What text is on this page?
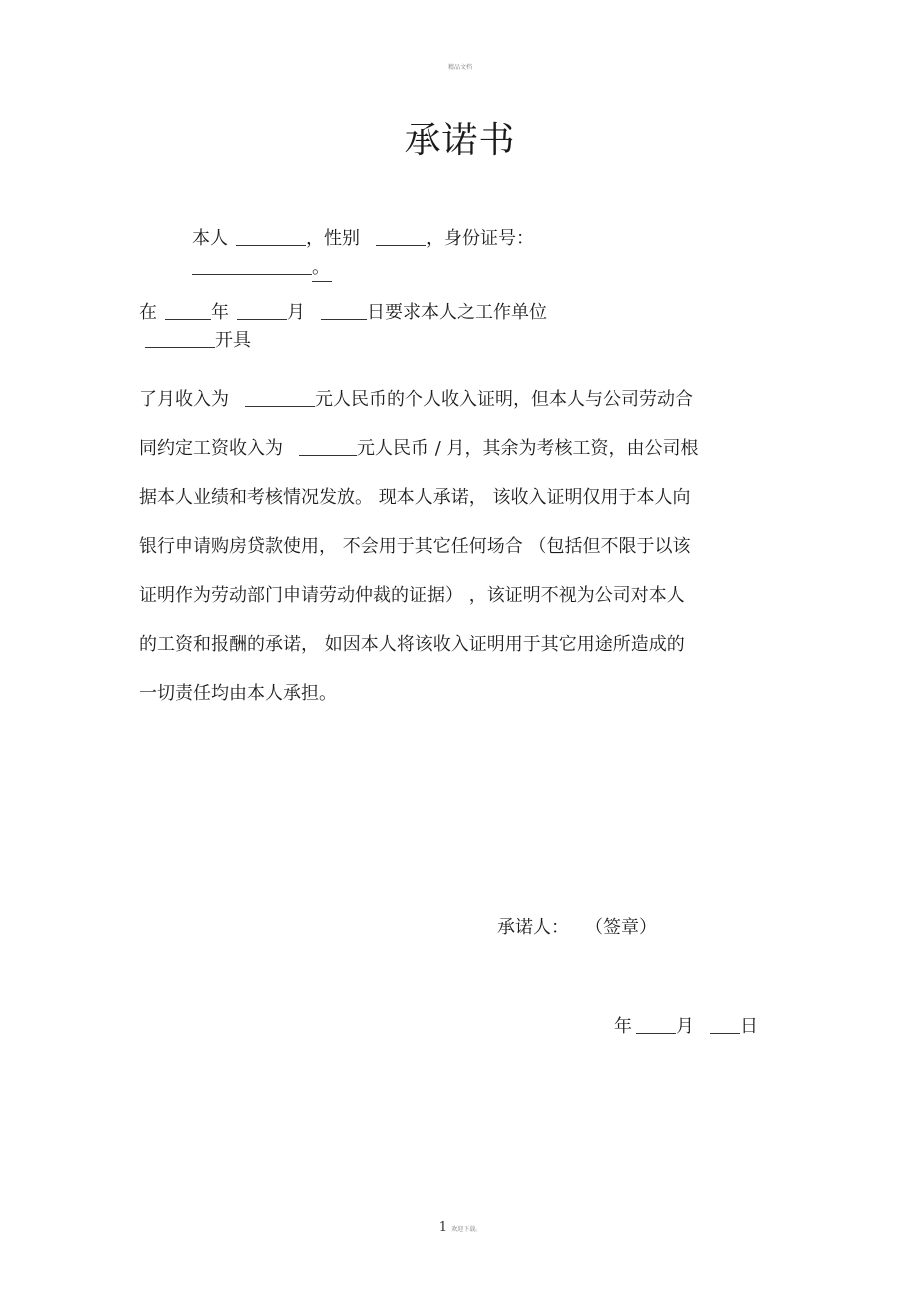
精品文档
承诺书
本人	，性别	，身份证号：
。
在	年	月	日要求本人之工作单位
开具

了月收入为	元人民币的个人收入证明，但本人与公司劳动合

同约定工资收入为	元人民币 / 月，其余为考核工资，由公司根

据本人业绩和考核情况发放。 现本人承诺， 该收入证明仅用于本人向

银行申请购房贷款使用， 不会用于其它任何场合 （包括但不限于以该

证明作为劳动部门申请劳动仲裁的证据） ，该证明不视为公司对本人

的工资和报酬的承诺， 如因本人将该收入证明用于其它用途所造成的

一切责任均由本人承担。

承诺人： （签章）
年 月	日
1 欢迎下载。
